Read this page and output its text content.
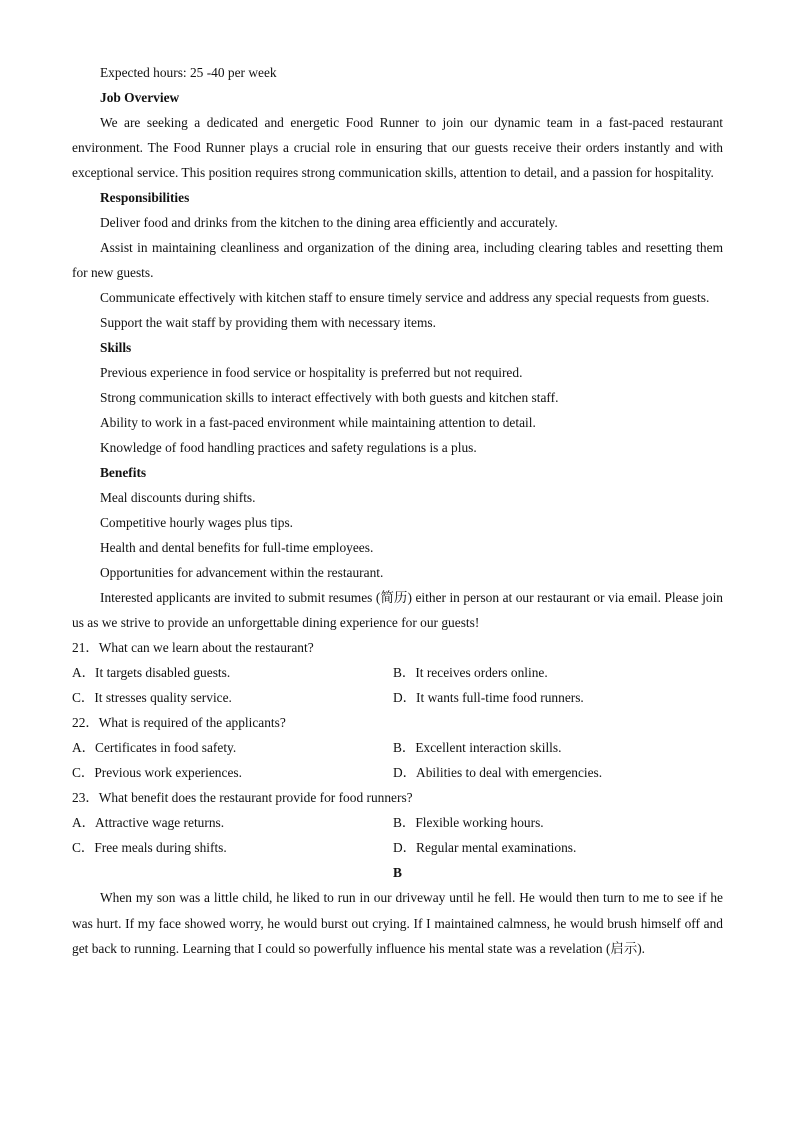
Expected hours: 25 -40 per week
Job Overview

We are seeking a dedicated and energetic Food Runner to join our dynamic team in a fast-paced restaurant environment. The Food Runner plays a crucial role in ensuring that our guests receive their orders instantly and with exceptional service. This position requires strong communication skills, attention to detail, and a passion for hospitality.

Responsibilities

Deliver food and drinks from the kitchen to the dining area efficiently and accurately.

Assist in maintaining cleanliness and organization of the dining area, including clearing tables and resetting them for new guests.

Communicate effectively with kitchen staff to ensure timely service and address any special requests from guests.

Support the wait staff by providing them with necessary items.

Skills

Previous experience in food service or hospitality is preferred but not required.

Strong communication skills to interact effectively with both guests and kitchen staff.

Ability to work in a fast-paced environment while maintaining attention to detail.

Knowledge of food handling practices and safety regulations is a plus.

Benefits

Meal discounts during shifts.

Competitive hourly wages plus tips.

Health and dental benefits for full-time employees.

Opportunities for advancement within the restaurant.

Interested applicants are invited to submit resumes (简历) either in person at our restaurant or via email. Please join us as we strive to provide an unforgettable dining experience for our guests!

21．What can we learn about the restaurant?
A．It targets disabled guests.	B．It receives orders online.
C．It stresses quality service.	D．It wants full-time food runners.
22．What is required of the applicants?
A．Certificates in food safety.	B．Excellent interaction skills.
C．Previous work experiences.	D．Abilities to deal with emergencies.
23．What benefit does the restaurant provide for food runners?
A．Attractive wage returns.	B．Flexible working hours.
C．Free meals during shifts.	D．Regular mental examinations.
B

When my son was a little child, he liked to run in our driveway until he fell. He would then turn to me to see if he was hurt. If my face showed worry, he would burst out crying. If I maintained calmness, he would brush himself off and get back to running. Learning that I could so powerfully influence his mental state was a revelation (启示).
